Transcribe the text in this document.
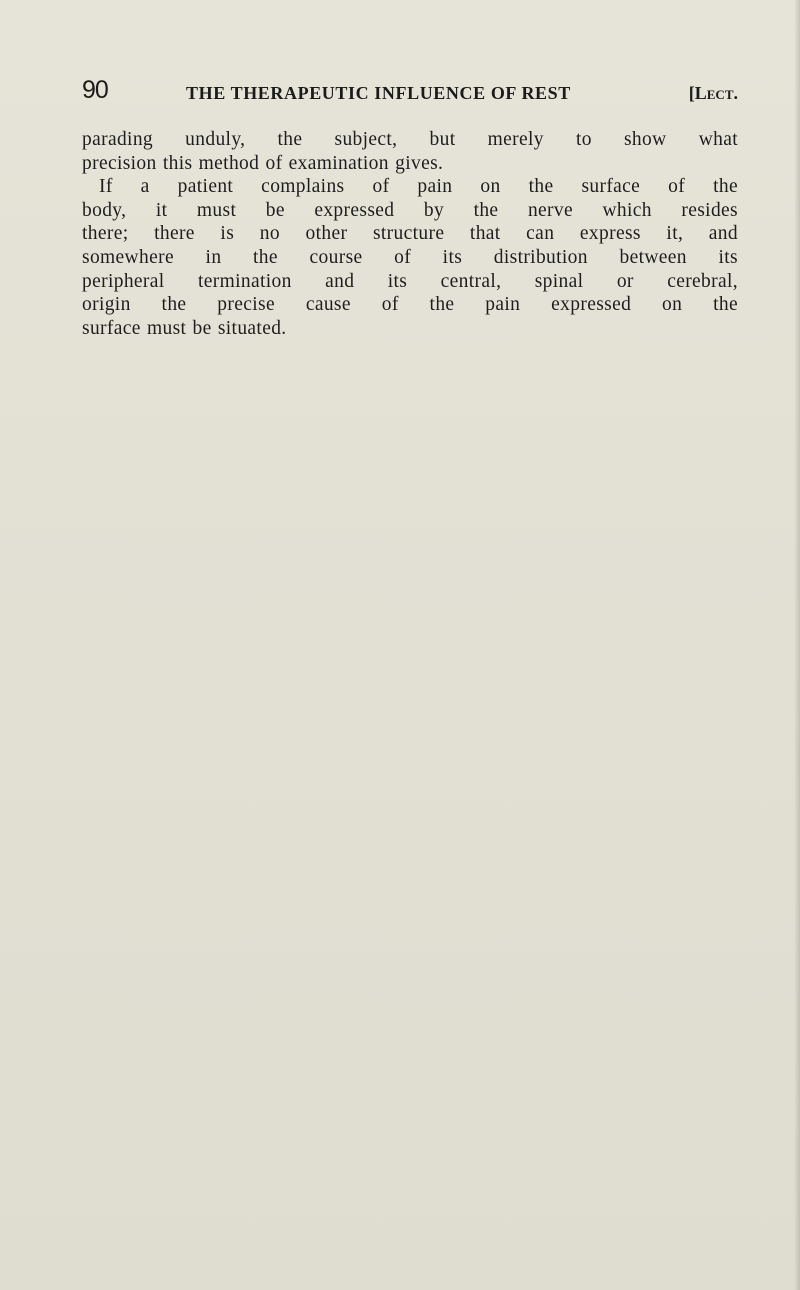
90	THE THERAPEUTIC INFLUENCE OF REST	[Lect.

parading unduly, the subject, but merely to show what
precision this method of examination gives.

If a patient complains of pain on the surface of the
body, it must be expressed by the nerve which resides
there; there is no other structure that can express it, and
somewhere in the course of its distribution between its
peripheral termination and its central, spinal or cerebral,
origin the precise cause of the pain expressed on the
surface must be situated.
